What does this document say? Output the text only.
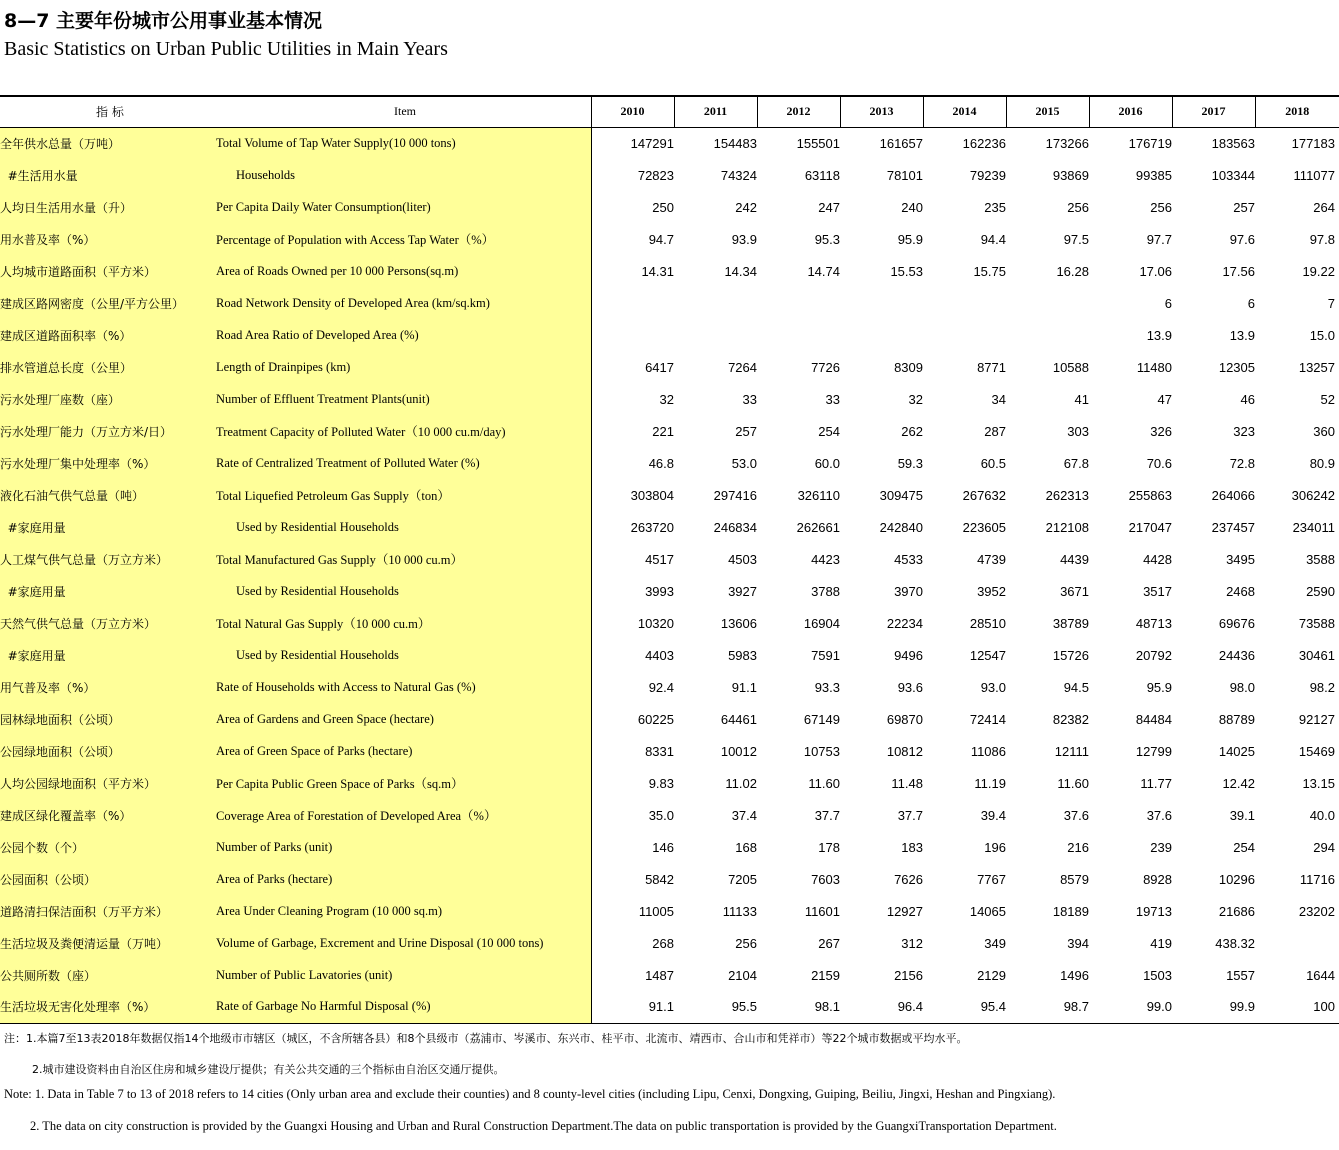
8—7 主要年份城市公用事业基本情况
Basic Statistics on Urban Public Utilities in Main Years
指 标	Item	2010	2011	2012	2013	2014	2015	2016	2017	2018
全年供水总量（万吨）	Total Volume of Tap Water Supply(10 000 tons)	147291	154483	155501	161657	162236	173266	176719	183563	177183
#生活用水量	Households	72823	74324	63118	78101	79239	93869	99385	103344	111077
人均日生活用水量（升）	Per Capita Daily Water Consumption(liter)	250	242	247	240	235	256	256	257	264
用水普及率（%）	Percentage of Population with Access Tap Water（%）	94.7	93.9	95.3	95.9	94.4	97.5	97.7	97.6	97.8
人均城市道路面积（平方米）	Area of Roads Owned per 10 000 Persons(sq.m)	14.31	14.34	14.74	15.53	15.75	16.28	17.06	17.56	19.22
建成区路网密度（公里/平方公里）	Road Network Density of Developed Area (km/sq.km)							6	6	7
建成区道路面积率（%）	Road Area Ratio of Developed Area (%)							13.9	13.9	15.0
排水管道总长度（公里）	Length of Drainpipes (km)	6417	7264	7726	8309	8771	10588	11480	12305	13257
污水处理厂座数（座）	Number of Effluent Treatment Plants(unit)	32	33	33	32	34	41	47	46	52
污水处理厂能力（万立方米/日）	Treatment Capacity of Polluted Water（10 000 cu.m/day)	221	257	254	262	287	303	326	323	360
污水处理厂集中处理率（%）	Rate of Centralized Treatment of Polluted Water (%)	46.8	53.0	60.0	59.3	60.5	67.8	70.6	72.8	80.9
液化石油气供气总量（吨）	Total Liquefied Petroleum Gas Supply（ton）	303804	297416	326110	309475	267632	262313	255863	264066	306242
#家庭用量	Used by Residential Households	263720	246834	262661	242840	223605	212108	217047	237457	234011
人工煤气供气总量（万立方米）	Total Manufactured Gas Supply（10 000 cu.m）	4517	4503	4423	4533	4739	4439	4428	3495	3588
#家庭用量	Used by Residential Households	3993	3927	3788	3970	3952	3671	3517	2468	2590
天然气供气总量（万立方米）	Total Natural Gas Supply（10 000 cu.m）	10320	13606	16904	22234	28510	38789	48713	69676	73588
#家庭用量	Used by Residential Households	4403	5983	7591	9496	12547	15726	20792	24436	30461
用气普及率（%）	Rate of Households with Access to Natural Gas (%)	92.4	91.1	93.3	93.6	93.0	94.5	95.9	98.0	98.2
园林绿地面积（公顷）	Area of Gardens and Green Space (hectare)	60225	64461	67149	69870	72414	82382	84484	88789	92127
公园绿地面积（公顷）	Area of Green Space of Parks (hectare)	8331	10012	10753	10812	11086	12111	12799	14025	15469
人均公园绿地面积（平方米）	Per Capita Public Green Space of Parks（sq.m）	9.83	11.02	11.60	11.48	11.19	11.60	11.77	12.42	13.15
建成区绿化覆盖率（%）	Coverage Area of Forestation of Developed Area（%）	35.0	37.4	37.7	37.7	39.4	37.6	37.6	39.1	40.0
公园个数（个）	Number of Parks (unit)	146	168	178	183	196	216	239	254	294
公园面积（公顷）	Area of Parks (hectare)	5842	7205	7603	7626	7767	8579	8928	10296	11716
道路清扫保洁面积（万平方米）	Area Under Cleaning Program (10 000 sq.m)	11005	11133	11601	12927	14065	18189	19713	21686	23202
生活垃圾及粪便清运量（万吨）	Volume of Garbage, Excrement and Urine Disposal (10 000 tons)	268	256	267	312	349	394	419	438.32	
公共厕所数（座）	Number of Public Lavatories (unit)	1487	2104	2159	2156	2129	1496	1503	1557	1644
生活垃圾无害化处理率（%）	Rate of Garbage No Harmful Disposal (%)	91.1	95.5	98.1	96.4	95.4	98.7	99.0	99.9	100
注：1.本篇7至13表2018年数据仅指14个地级市市辖区（城区，不含所辖各县）和8个县级市（荔浦市、岑溪市、东兴市、桂平市、北流市、靖西市、合山市和凭祥市）等22个城市数据或平均水平。
2.城市建设资料由自治区住房和城乡建设厅提供；有关公共交通的三个指标由自治区交通厅提供。
Note: 1. Data in Table 7 to 13 of 2018 refers to 14 cities (Only urban area and exclude their counties) and 8 county-level cities (including Lipu, Cenxi, Dongxing, Guiping, Beiliu, Jingxi, Heshan and Pingxiang).
2. The data on city construction is provided by the Guangxi Housing and Urban and Rural Construction Department.The data on public transportation is provided by the GuangxiTransportation Department.
